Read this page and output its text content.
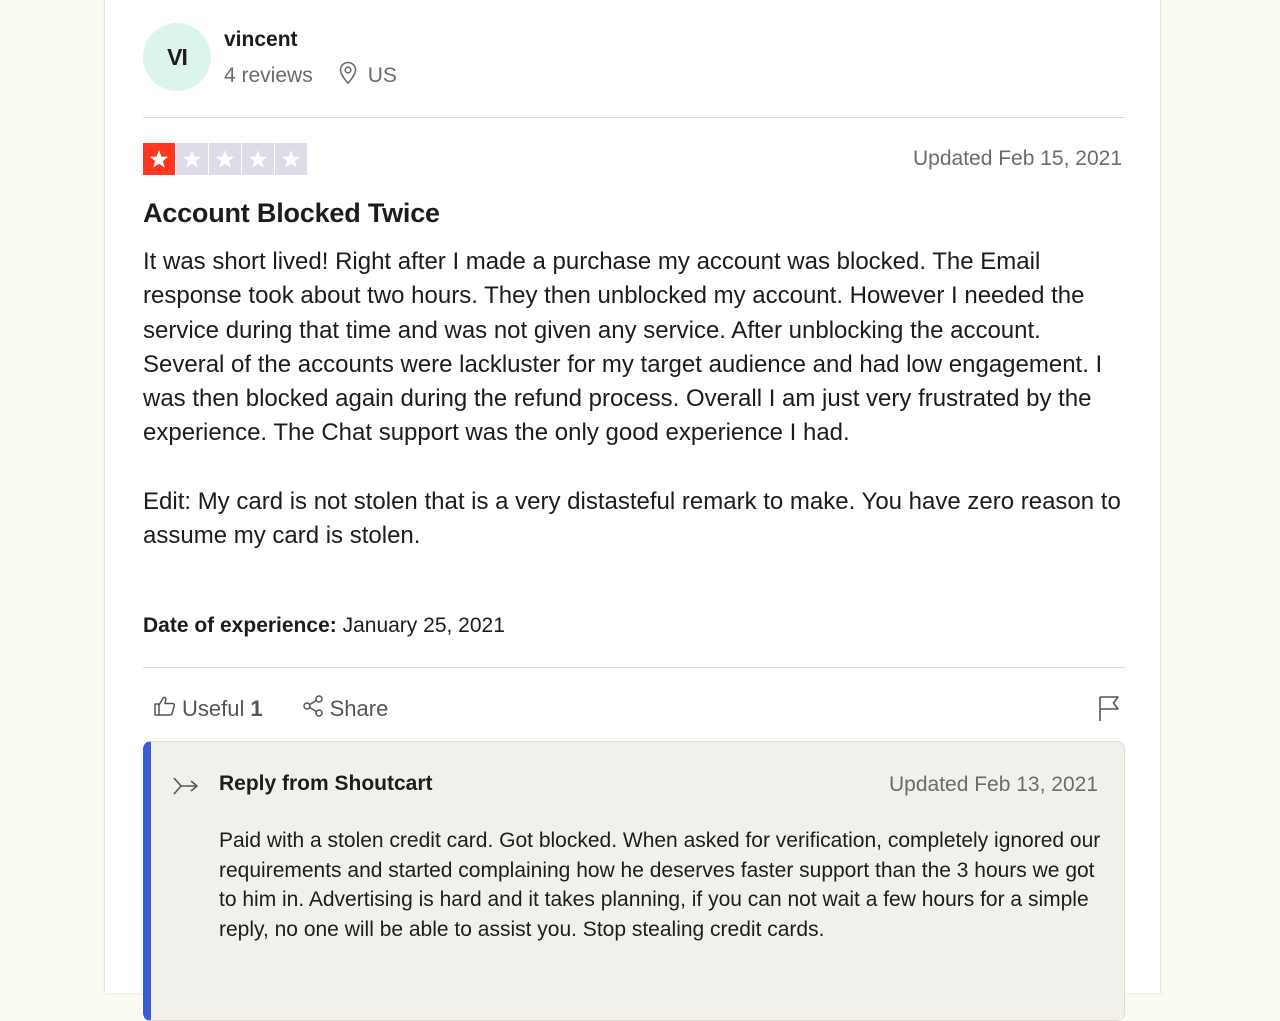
VI
vincent
4 reviews	US
Updated Feb 15, 2021
Account Blocked Twice

It was short lived! Right after I made a purchase my account was blocked. The Email response took about two hours. They then unblocked my account. However I needed the service during that time and was not given any service. After unblocking the account. Several of the accounts were lackluster for my target audience and had low engagement. I was then blocked again during the refund process. Overall I am just very frustrated by the experience. The Chat support was the only good experience I had.

Edit: My card is not stolen that is a very distasteful remark to make. You have zero reason to assume my card is stolen.

Date of experience: January 25, 2021
Useful 1	Share
Reply from Shoutcart	Updated Feb 13, 2021
Paid with a stolen credit card. Got blocked. When asked for verification, completely ignored our requirements and started complaining how he deserves faster support than the 3 hours we got to him in. Advertising is hard and it takes planning, if you can not wait a few hours for a simple reply, no one will be able to assist you. Stop stealing credit cards.
